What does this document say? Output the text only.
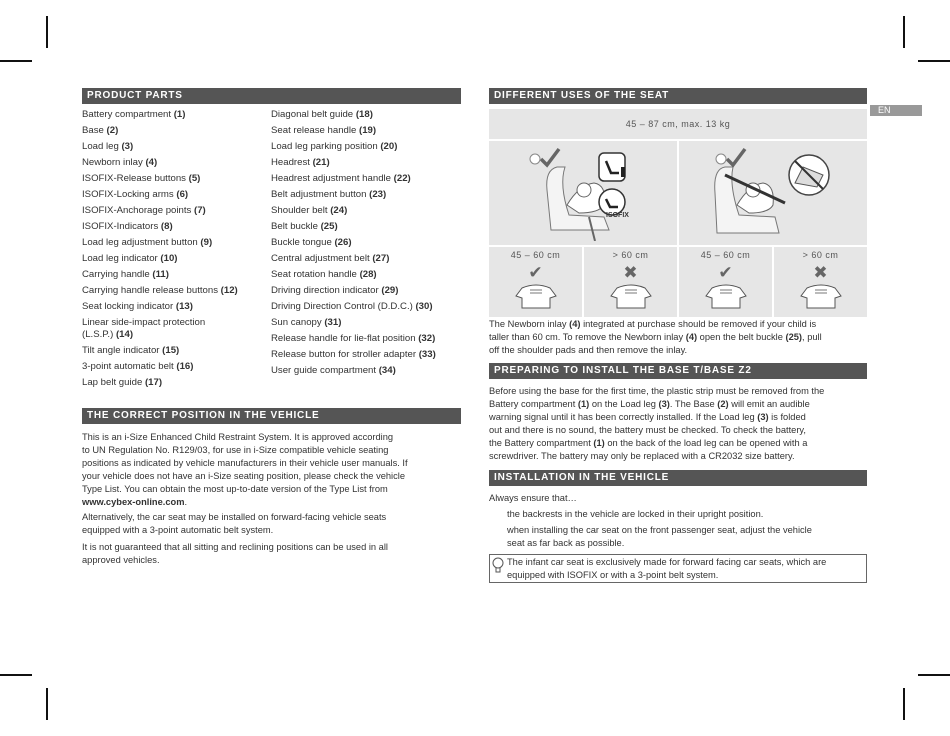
EN
PRODUCT PARTS
Battery compartment (1)
Base (2)
Load leg (3)
Newborn inlay (4)
ISOFIX-Release buttons (5)
ISOFIX-Locking arms (6)
ISOFIX-Anchorage points (7)
ISOFIX-Indicators (8)
Load leg adjustment button (9)
Load leg indicator (10)
Carrying handle (11)
Carrying handle release buttons (12)
Seat locking indicator (13)
Linear side-impact protection
(L.S.P.) (14)
Tilt angle indicator (15)
3-point automatic belt (16)
Lap belt guide (17)
Diagonal belt guide (18)
Seat release handle (19)
Load leg parking position (20)
Headrest (21)
Headrest adjustment handle (22)
Belt adjustment button (23)
Shoulder belt (24)
Belt buckle (25)
Buckle tongue (26)
Central adjustment belt (27)
Seat rotation handle (28)
Driving direction indicator (29)
Driving Direction Control (D.D.C.) (30)
Sun canopy (31)
Release handle for lie-flat position (32)
Release button for stroller adapter (33)
User guide compartment (34)
THE CORRECT POSITION IN THE VEHICLE
This is an i-Size Enhanced Child Restraint System. It is approved according
to UN Regulation No. R129/03, for use in i-Size compatible vehicle seating
positions as indicated by vehicle manufacturers in their vehicle user manuals. If
your vehicle does not have an i-Size seating position, please check the vehicle
Type List. You can obtain the most up-to-date version of the Type List from
www.cybex-online.com.
Alternatively, the car seat may be installed on forward-facing vehicle seats
equipped with a 3-point automatic belt system.
It is not guaranteed that all sitting and reclining positions can be used in all
approved vehicles.
DIFFERENT USES OF THE SEAT
45 – 87 cm, max. 13 kg
ISOFIX
45 – 60 cm	> 60 cm	45 – 60 cm	> 60 cm
✔	✖	✔	✖
The Newborn inlay (4) integrated at purchase should be removed if your child is
taller than 60 cm. To remove the Newborn inlay (4) open the belt buckle (25), pull
off the shoulder pads and then remove the inlay.
PREPARING TO INSTALL THE BASE T/BASE Z2
Before using the base for the first time, the plastic strip must be removed from the
Battery compartment (1) on the Load leg (3). The Base (2) will emit an audible
warning signal until it has been correctly installed. If the Load leg (3) is folded
out and there is no sound, the battery must be checked. To check the battery,
the Battery compartment (1) on the back of the load leg can be opened with a
screwdriver. The battery may only be replaced with a CR2032 size battery.
INSTALLATION IN THE VEHICLE
Always ensure that…
the backrests in the vehicle are locked in their upright position.
when installing the car seat on the front passenger seat, adjust the vehicle
seat as far back as possible.
The infant car seat is exclusively made for forward facing car seats, which are
equipped with ISOFIX or with a 3-point belt system.
